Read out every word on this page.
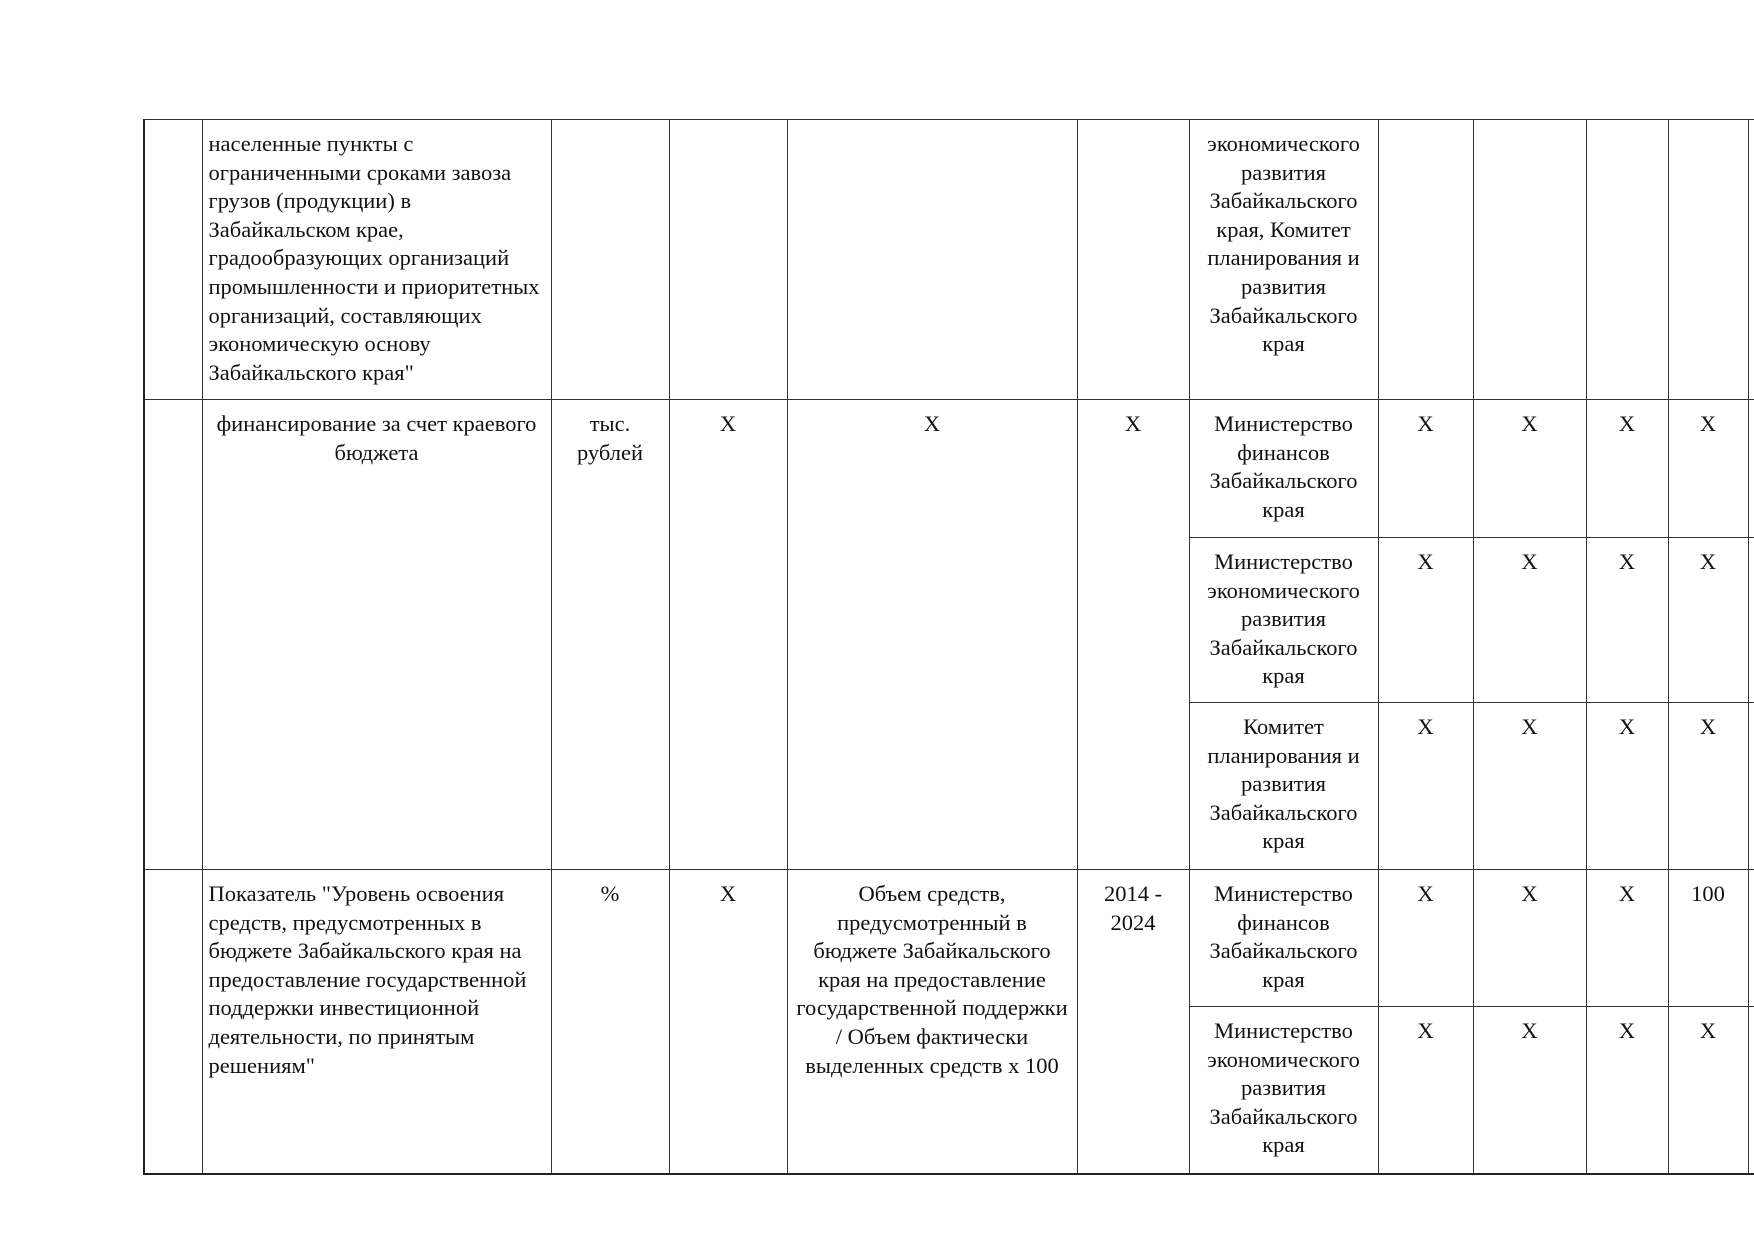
	населенные пункты с ограниченными сроками завоза грузов (продукции) в Забайкальском крае, градообразующих организаций промышленности и приоритетных организаций, составляющих экономическую основу Забайкальского края"					экономического развития Забайкальского края, Комитет планирования и развития Забайкальского края					
	финансирование за счет краевого бюджета	тыс. рублей	X	X	X	Министерство финансов Забайкальского края	X	X	X	X	
						Министерство экономического развития Забайкальского края	X	X	X	X	
						Комитет планирования и развития Забайкальского края	X	X	X	X	
	Показатель "Уровень освоения средств, предусмотренных в бюджете Забайкальского края на предоставление государственной поддержки инвестиционной деятельности, по принятым решениям"	%	X	Объем средств, предусмотренный в бюджете Забайкальского края на предоставление государственной поддержки / Объем фактически выделенных средств x 100	2014 - 2024	Министерство финансов Забайкальского края	X	X	X	100	
						Министерство экономического развития Забайкальского края	X	X	X	X	
